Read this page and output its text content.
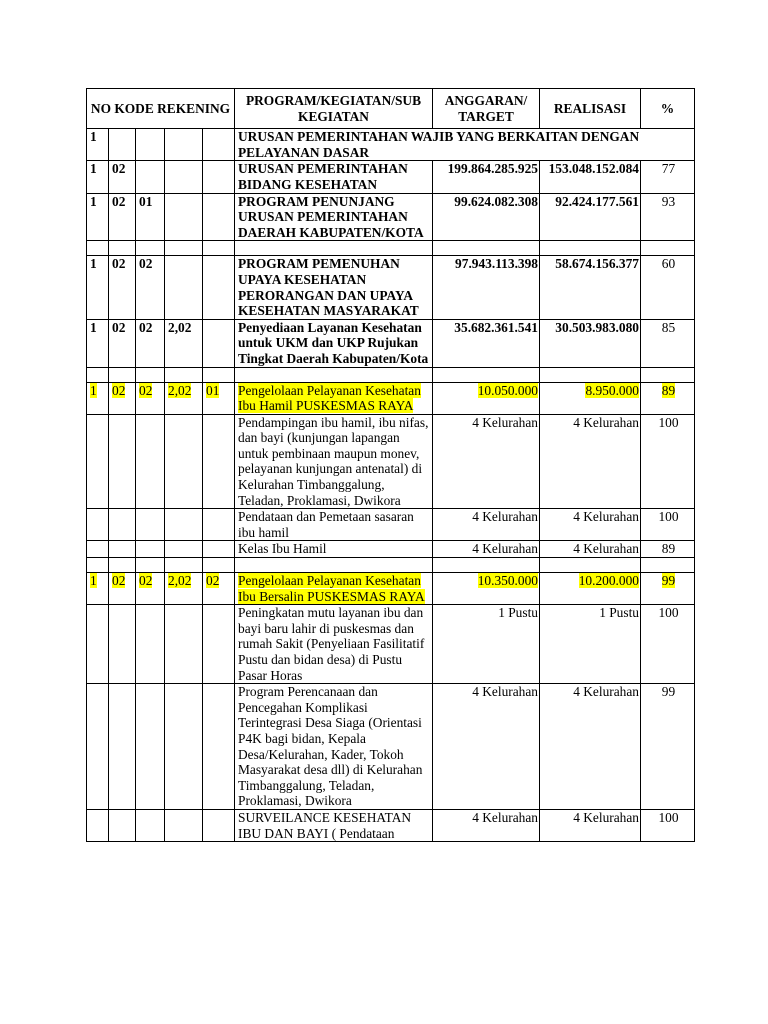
NO KODE REKENING					PROGRAM/KEGIATAN/SUB KEGIATAN	ANGGARAN/ TARGET	REALISASI	%
1					URUSAN PEMERINTAHAN WAJIB YANG BERKAITAN DENGAN PELAYANAN DASAR			
1	02				URUSAN PEMERINTAHAN BIDANG KESEHATAN	199.864.285.925	153.048.152.084	77
1	02	01			PROGRAM PENUNJANG URUSAN PEMERINTAHAN DAERAH KABUPATEN/KOTA	99.624.082.308	92.424.177.561	93

1	02	02			PROGRAM PEMENUHAN UPAYA KESEHATAN PERORANGAN DAN UPAYA KESEHATAN MASYARAKAT	97.943.113.398	58.674.156.377	60
1	02	02	2,02		Penyediaan Layanan Kesehatan untuk UKM dan UKP Rujukan Tingkat Daerah Kabupaten/Kota	35.682.361.541	30.503.983.080	85

1	02	02	2,02	01	Pengelolaan Pelayanan Kesehatan Ibu Hamil PUSKESMAS RAYA	10.050.000	8.950.000	89
					Pendampingan ibu hamil, ibu nifas, dan bayi (kunjungan lapangan untuk pembinaan maupun monev, pelayanan kunjungan antenatal) di Kelurahan Timbanggalung, Teladan, Proklamasi, Dwikora	4 Kelurahan	4 Kelurahan	100
					Pendataan dan Pemetaan sasaran ibu hamil	4 Kelurahan	4 Kelurahan	100
					Kelas Ibu Hamil	4 Kelurahan	4 Kelurahan	89

1	02	02	2,02	02	Pengelolaan Pelayanan Kesehatan Ibu Bersalin PUSKESMAS RAYA	10.350.000	10.200.000	99
					Peningkatan mutu layanan ibu dan bayi baru lahir di puskesmas dan rumah Sakit (Penyeliaan Fasilitatif Pustu dan bidan desa) di Pustu Pasar Horas	1 Pustu	1 Pustu	100
					Program Perencanaan dan Pencegahan Komplikasi Terintegrasi Desa Siaga (Orientasi P4K bagi bidan, Kepala Desa/Kelurahan, Kader, Tokoh Masyarakat desa dll) di Kelurahan Timbanggalung, Teladan, Proklamasi, Dwikora	4 Kelurahan	4 Kelurahan	99
					SURVEILANCE KESEHATAN IBU DAN BAYI ( Pendataan	4 Kelurahan	4 Kelurahan	100
